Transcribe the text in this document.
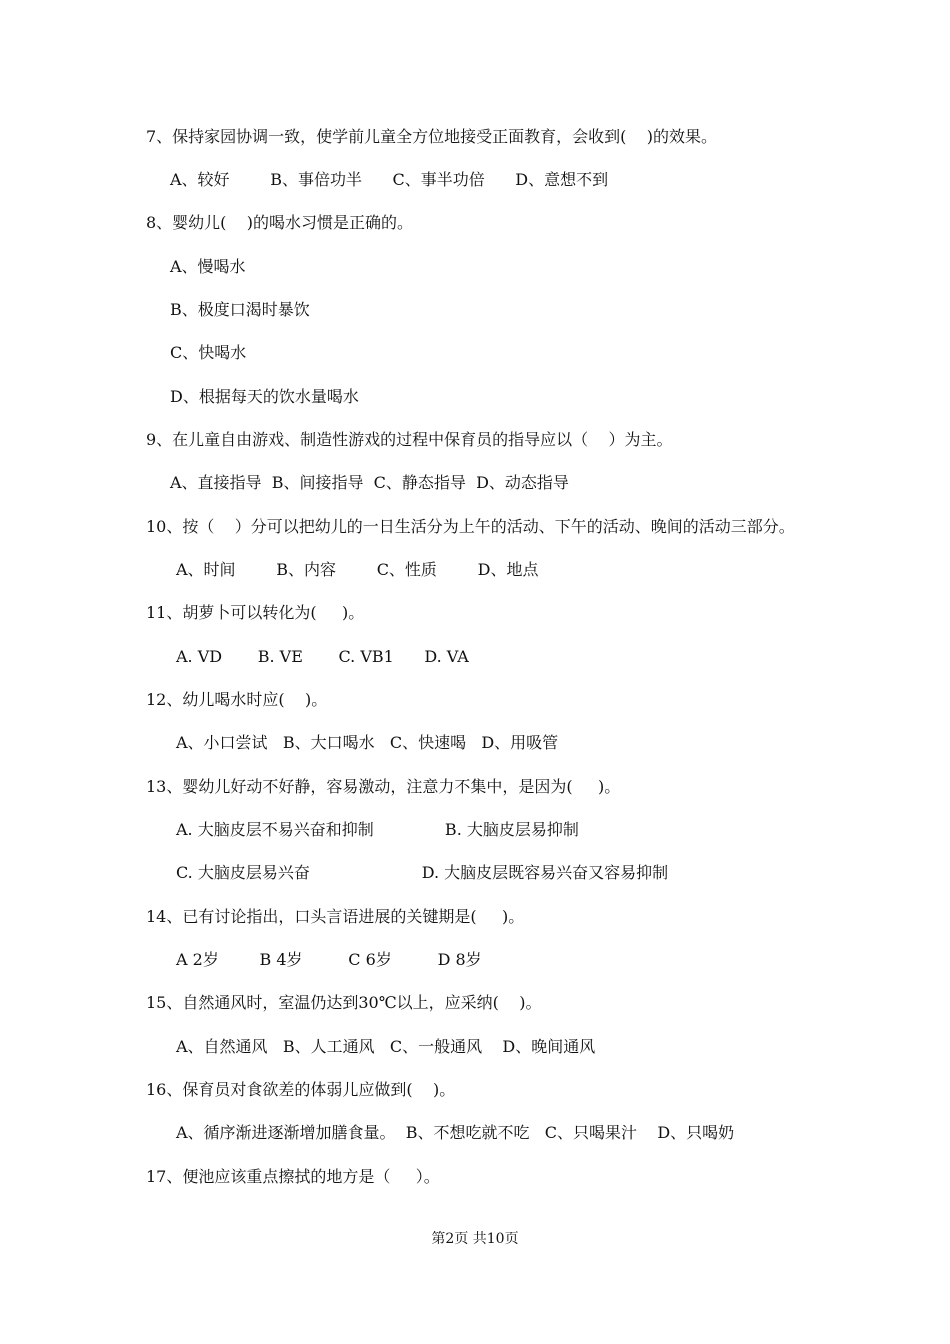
7、保持家园协调一致，使学前儿童全方位地接受正面教育，会收到(    )的效果。
A、较好        B、事倍功半      C、事半功倍      D、意想不到
8、婴幼儿(    )的喝水习惯是正确的。
A、慢喝水
B、极度口渴时暴饮
C、快喝水
D、根据每天的饮水量喝水
9、在儿童自由游戏、制造性游戏的过程中保育员的指导应以（    ）为主。
A、直接指导  B、间接指导  C、静态指导  D、动态指导
10、按（    ）分可以把幼儿的一日生活分为上午的活动、下午的活动、晚间的活动三部分。
A、时间        B、内容        C、性质        D、地点
11、胡萝卜可以转化为(     )。
A. VD       B. VE       C. VB1      D. VA
12、幼儿喝水时应(    )。
A、小口尝试   B、大口喝水   C、快速喝   D、用吸管
13、婴幼儿好动不好静，容易激动，注意力不集中，是因为(     )。
A. 大脑皮层不易兴奋和抑制              B. 大脑皮层易抑制
C. 大脑皮层易兴奋                      D. 大脑皮层既容易兴奋又容易抑制
14、已有讨论指出，口头言语进展的关键期是(     )。
A 2岁        B 4岁         C 6岁         D 8岁
15、自然通风时，室温仍达到30℃以上，应采纳(    )。
A、自然通风   B、人工通风   C、一般通风    D、晚间通风
16、保育员对食欲差的体弱儿应做到(    )。
A、循序渐进逐渐增加膳食量。  B、不想吃就不吃   C、只喝果汁    D、只喝奶
17、便池应该重点擦拭的地方是（     ）。
第2页 共10页
